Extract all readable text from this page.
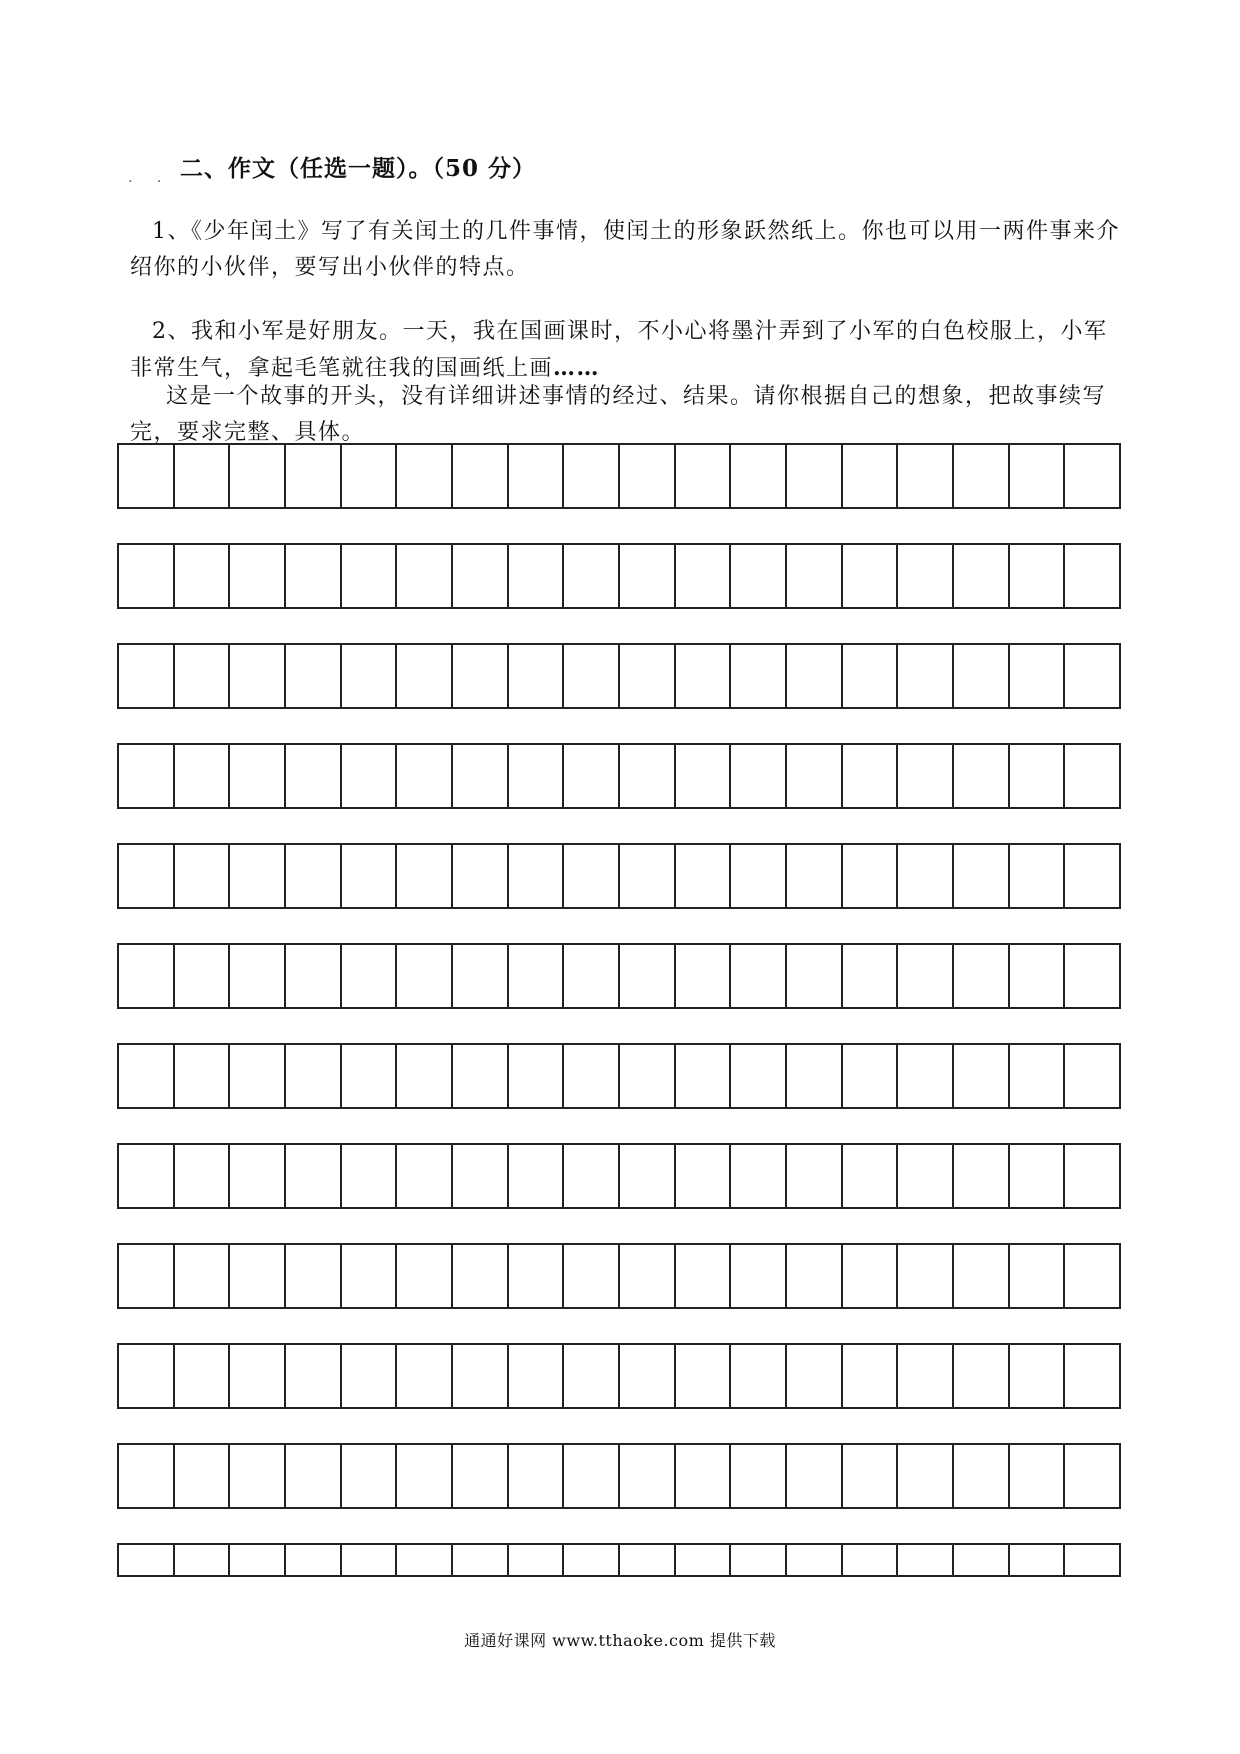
. . 二、作文（任选一题）。（50 分）

1、《少年闰土》写了有关闰土的几件事情，使闰土的形象跃然纸上。你也可以用一两件事来介绍你的小伙伴，要写出小伙伴的特点。

2、我和小军是好朋友。一天，我在国画课时，不小心将墨汁弄到了小军的白色校服上，小军非常生气，拿起毛笔就往我的国画纸上画……

这是一个故事的开头，没有详细讲述事情的经过、结果。请你根据自己的想象，把故事续写完，要求完整、具体。

通通好课网 www.tthaoke.com 提供下载
